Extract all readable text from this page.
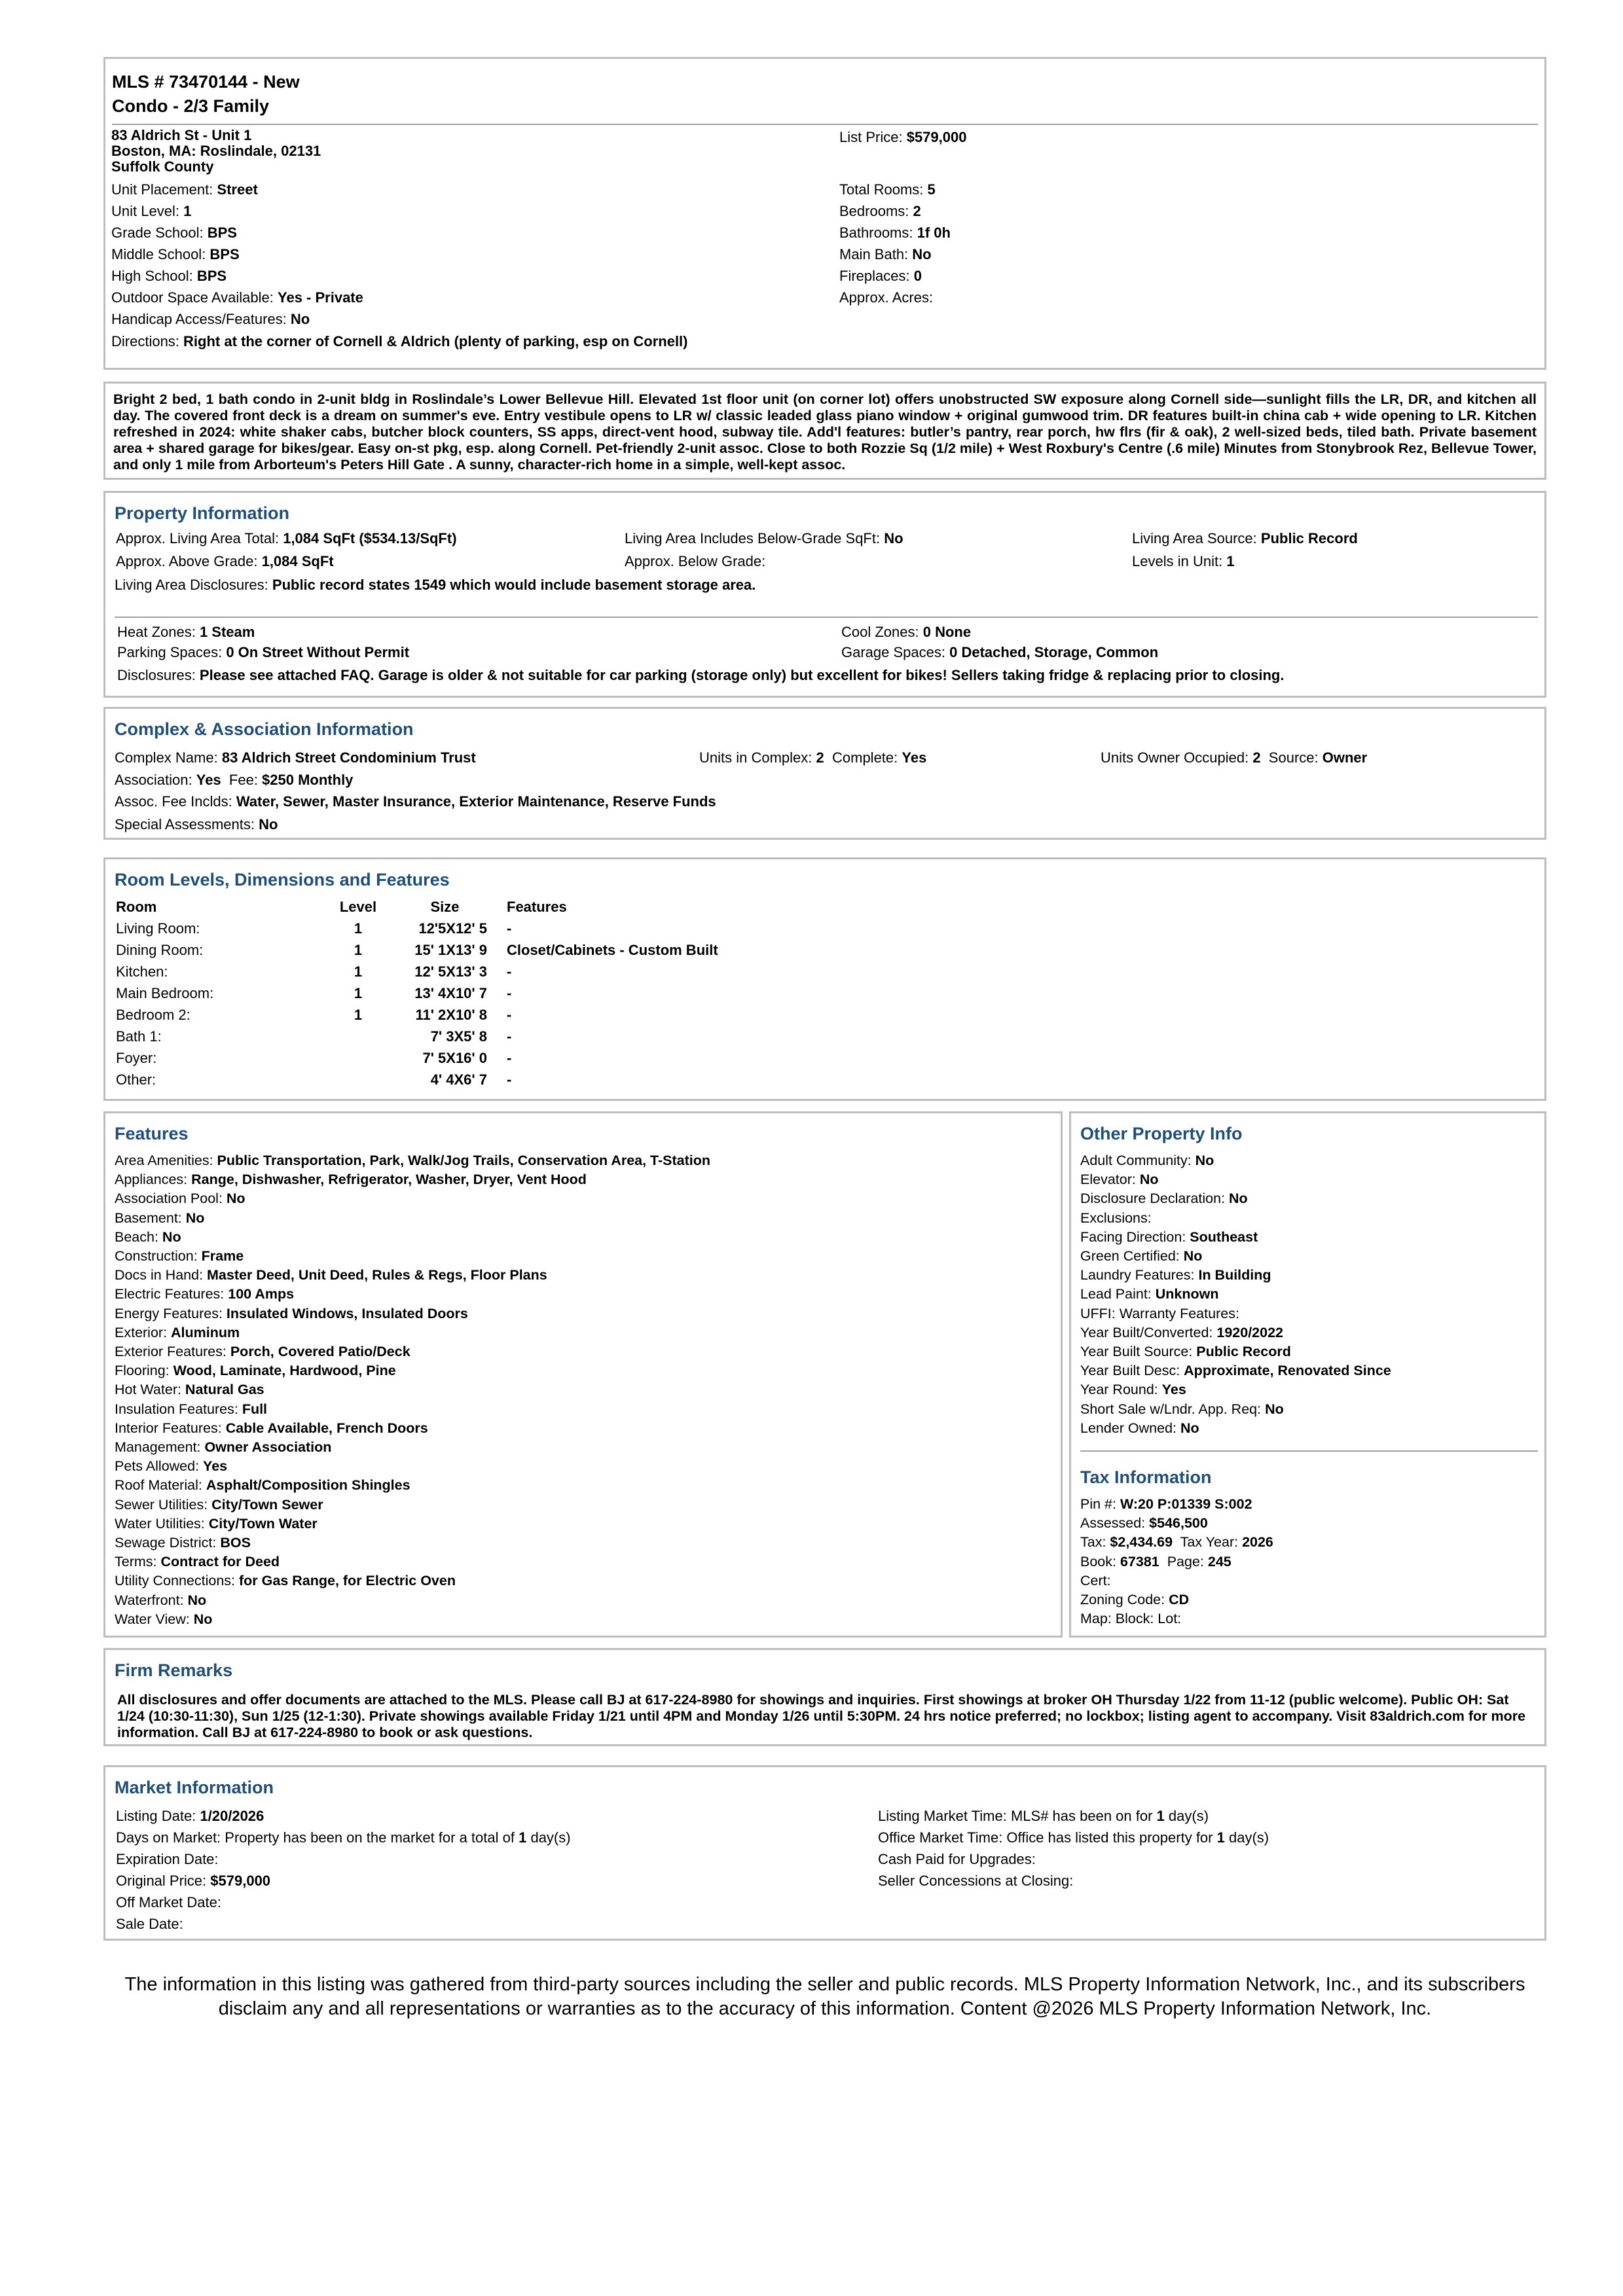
MLS # 73470144 - New
Condo - 2/3 Family
83 Aldrich St - Unit 1
Boston, MA: Roslindale, 02131
Suffolk County
List Price: $579,000
Unit Placement: Street
Unit Level: 1
Grade School: BPS
Middle School: BPS
High School: BPS
Outdoor Space Available: Yes - Private
Handicap Access/Features: No
Directions: Right at the corner of Cornell & Aldrich (plenty of parking, esp on Cornell)
Total Rooms: 5
Bedrooms: 2
Bathrooms: 1f 0h
Main Bath: No
Fireplaces: 0
Approx. Acres:
Bright 2 bed, 1 bath condo in 2-unit bldg in Roslindale’s Lower Bellevue Hill. Elevated 1st floor unit (on corner lot) offers unobstructed SW exposure along Cornell side—sunlight fills the LR, DR, and kitchen all day. The covered front deck is a dream on summer's eve. Entry vestibule opens to LR w/ classic leaded glass piano window + original gumwood trim. DR features built-in china cab + wide opening to LR. Kitchen refreshed in 2024: white shaker cabs, butcher block counters, SS apps, direct-vent hood, subway tile. Add'l features: butler’s pantry, rear porch, hw flrs (fir & oak), 2 well-sized beds, tiled bath. Private basement area + shared garage for bikes/gear. Easy on-st pkg, esp. along Cornell. Pet-friendly 2-unit assoc. Close to both Rozzie Sq (1/2 mile) + West Roxbury's Centre (.6 mile) Minutes from Stonybrook Rez, Bellevue Tower, and only 1 mile from Arborteum's Peters Hill Gate . A sunny, character-rich home in a simple, well-kept assoc.
Property Information
Approx. Living Area Total: 1,084 SqFt ($534.13/SqFt)	Living Area Includes Below-Grade SqFt: No	Living Area Source: Public Record
Approx. Above Grade: 1,084 SqFt	Approx. Below Grade:	Levels in Unit: 1
Living Area Disclosures: Public record states 1549 which would include basement storage area.
Heat Zones: 1 Steam	Cool Zones: 0 None
Parking Spaces: 0 On Street Without Permit	Garage Spaces: 0 Detached, Storage, Common
Disclosures: Please see attached FAQ. Garage is older & not suitable for car parking (storage only) but excellent for bikes! Sellers taking fridge & replacing prior to closing.
Complex & Association Information
Complex Name: 83 Aldrich Street Condominium Trust	Units in Complex: 2 Complete: Yes	Units Owner Occupied: 2 Source: Owner
Association: Yes Fee: $250 Monthly
Assoc. Fee Inclds: Water, Sewer, Master Insurance, Exterior Maintenance, Reserve Funds
Special Assessments: No
Room Levels, Dimensions and Features
Room	Level	Size	Features
Living Room:	1	12'5X12' 5	-
Dining Room:	1	15' 1X13' 9	Closet/Cabinets - Custom Built
Kitchen:	1	12' 5X13' 3	-
Main Bedroom:	1	13' 4X10' 7	-
Bedroom 2:	1	11' 2X10' 8	-
Bath 1:		7' 3X5' 8	-
Foyer:		7' 5X16' 0	-
Other:		4' 4X6' 7	-
Features
Area Amenities: Public Transportation, Park, Walk/Jog Trails, Conservation Area, T-Station
Appliances: Range, Dishwasher, Refrigerator, Washer, Dryer, Vent Hood
Association Pool: No
Basement: No
Beach: No
Construction: Frame
Docs in Hand: Master Deed, Unit Deed, Rules & Regs, Floor Plans
Electric Features: 100 Amps
Energy Features: Insulated Windows, Insulated Doors
Exterior: Aluminum
Exterior Features: Porch, Covered Patio/Deck
Flooring: Wood, Laminate, Hardwood, Pine
Hot Water: Natural Gas
Insulation Features: Full
Interior Features: Cable Available, French Doors
Management: Owner Association
Pets Allowed: Yes
Roof Material: Asphalt/Composition Shingles
Sewer Utilities: City/Town Sewer
Water Utilities: City/Town Water
Sewage District: BOS
Terms: Contract for Deed
Utility Connections: for Gas Range, for Electric Oven
Waterfront: No
Water View: No
Other Property Info
Adult Community: No
Elevator: No
Disclosure Declaration: No
Exclusions:
Facing Direction: Southeast
Green Certified: No
Laundry Features: In Building
Lead Paint: Unknown
UFFI: Warranty Features:
Year Built/Converted: 1920/2022
Year Built Source: Public Record
Year Built Desc: Approximate, Renovated Since
Year Round: Yes
Short Sale w/Lndr. App. Req: No
Lender Owned: No
Tax Information
Pin #: W:20 P:01339 S:002
Assessed: $546,500
Tax: $2,434.69 Tax Year: 2026
Book: 67381 Page: 245
Cert:
Zoning Code: CD
Map: Block: Lot:
Firm Remarks
All disclosures and offer documents are attached to the MLS. Please call BJ at 617-224-8980 for showings and inquiries. First showings at broker OH Thursday 1/22 from 11-12 (public welcome). Public OH: Sat 1/24 (10:30-11:30), Sun 1/25 (12-1:30). Private showings available Friday 1/21 until 4PM and Monday 1/26 until 5:30PM. 24 hrs notice preferred; no lockbox; listing agent to accompany. Visit 83aldrich.com for more information. Call BJ at 617-224-8980 to book or ask questions.
Market Information
Listing Date: 1/20/2026
Days on Market: Property has been on the market for a total of 1 day(s)
Expiration Date:
Original Price: $579,000
Off Market Date:
Sale Date:
Listing Market Time: MLS# has been on for 1 day(s)
Office Market Time: Office has listed this property for 1 day(s)
Cash Paid for Upgrades:
Seller Concessions at Closing:
The information in this listing was gathered from third-party sources including the seller and public records. MLS Property Information Network, Inc., and its subscribers
disclaim any and all representations or warranties as to the accuracy of this information. Content @2026 MLS Property Information Network, Inc.
